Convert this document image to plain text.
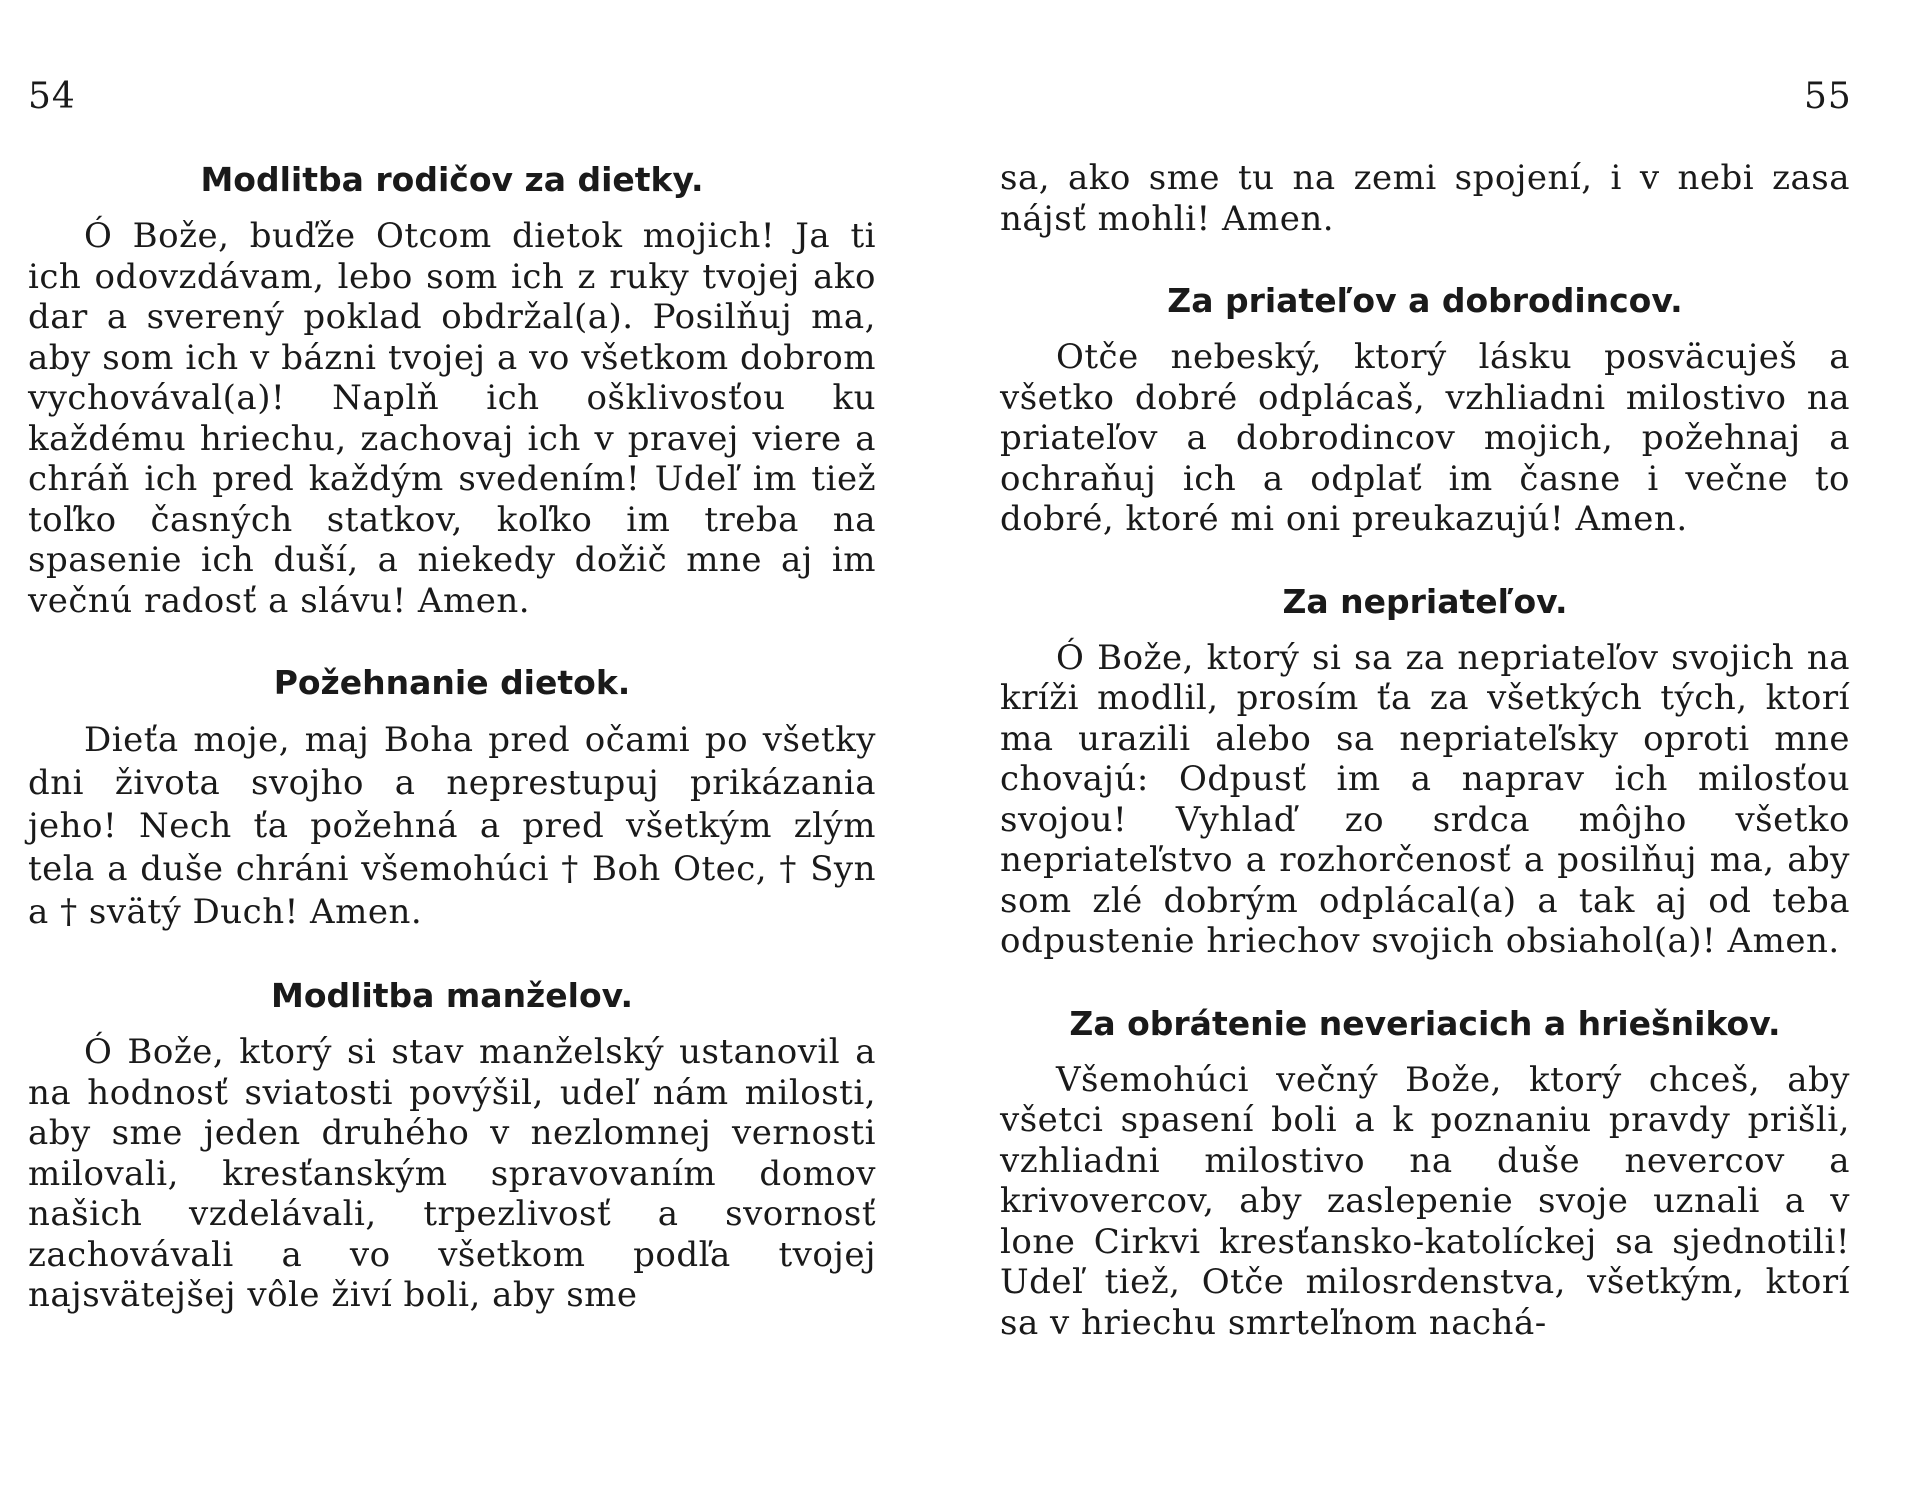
54	55
Modlitba rodičov za dietky.

Ó Bože, buďže Otcom dietok mojich! Ja ti ich odovzdávam, lebo som ich z ruky tvojej ako dar a sverený poklad obdržal(a). Posilňuj ma, aby som ich v bázni tvojej a vo všetkom dobrom vychovával(a)! Naplň ich ošklivosťou ku každému hriechu, zachovaj ich v pravej viere a chráň ich pred každým svedením! Udeľ im tiež toľko časných statkov, koľko im treba na spasenie ich duší, a niekedy dožič mne aj im večnú radosť a slávu! Amen.

Požehnanie dietok.

Dieťa moje, maj Boha pred očami po všetky dni života svojho a neprestupuj prikázania jeho! Nech ťa požehná a pred všetkým zlým tela a duše chráni všemohúci † Boh Otec, † Syn a † svätý Duch! Amen.

Modlitba manželov.

Ó Bože, ktorý si stav manželský ustanovil a na hodnosť sviatosti povýšil, udeľ nám milosti, aby sme jeden druhého v nezlomnej vernosti milovali, kresťanským spravovaním domov našich vzdelávali, trpezlivosť a svornosť zachovávali a vo všetkom podľa tvojej najsvätejšej vôle živí boli, aby sme

sa, ako sme tu na zemi spojení, i v nebi zasa nájsť mohli! Amen.

Za priateľov a dobrodincov.

Otče nebeský, ktorý lásku posväcuješ a všetko dobré odplácaš, vzhliadni milostivo na priateľov a dobrodincov mojich, požehnaj a ochraňuj ich a odplať im časne i večne to dobré, ktoré mi oni preukazujú! Amen.

Za nepriateľov.

Ó Bože, ktorý si sa za nepriateľov svojich na kríži modlil, prosím ťa za všetkých tých, ktorí ma urazili alebo sa nepriateľsky oproti mne chovajú: Odpusť im a naprav ich milosťou svojou! Vyhlaď zo srdca môjho všetko nepriateľstvo a rozhorčenosť a posilňuj ma, aby som zlé dobrým odplácal(a) a tak aj od teba odpustenie hriechov svojich obsiahol(a)! Amen.

Za obrátenie neveriacich a hriešnikov.

Všemohúci večný Bože, ktorý chceš, aby všetci spasení boli a k poznaniu pravdy prišli, vzhliadni milostivo na duše nevercov a krivovercov, aby zaslepenie svoje uznali a v lone Cirkvi kresťansko-katolíckej sa sjednotili! Udeľ tiež, Otče milosrdenstva, všetkým, ktorí sa v hriechu smrteľnom nachá-
